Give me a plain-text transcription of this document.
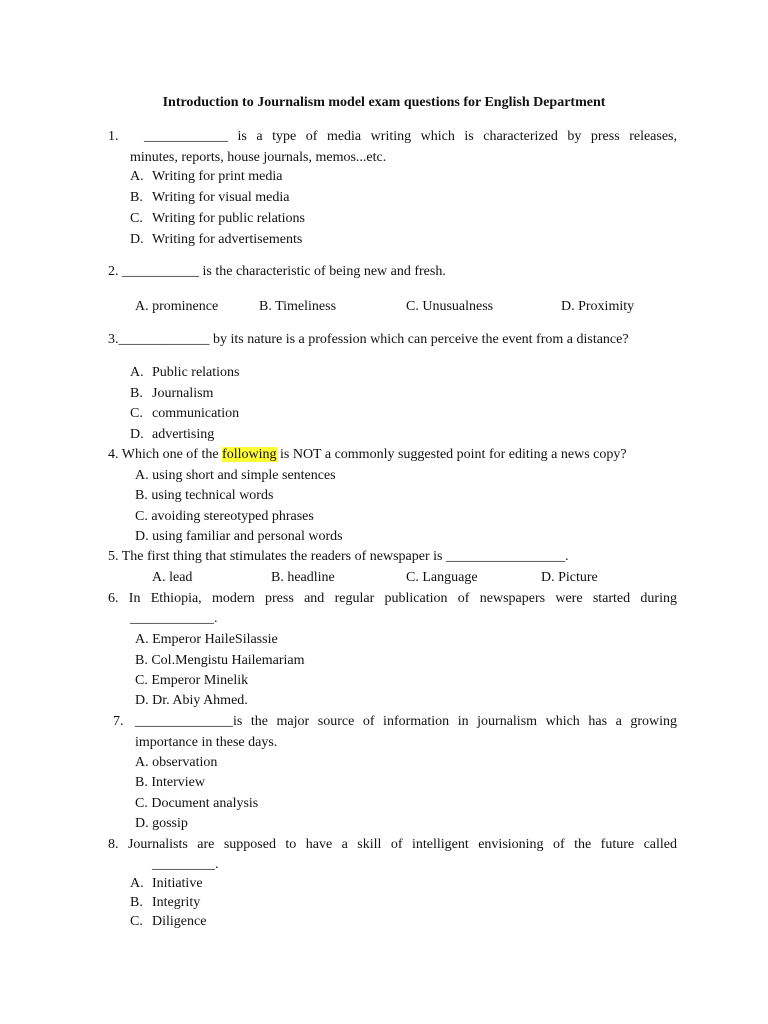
Introduction to Journalism model exam questions for English Department
1. ____________ is a type of media writing which is characterized by press releases,
minutes, reports, house journals, memos...etc.
A. Writing for print media
B. Writing for visual media
C. Writing for public relations
D. Writing for advertisements
2. ___________ is the characteristic of being new and fresh.
A. prominence	B. Timeliness	C. Unusualness	D. Proximity
3._____________ by its nature is a profession which can perceive the event from a distance?
A. Public relations
B. Journalism
C. communication
D. advertising
4. Which one of the following is NOT a commonly suggested point for editing a news copy?
A. using short and simple sentences
B. using technical words
C. avoiding stereotyped phrases
D. using familiar and personal words
5. The first thing that stimulates the readers of newspaper is _________________.
A. lead	B. headline	C. Language	D. Picture
6. In Ethiopia, modern press and regular publication of newspapers were started during
____________.
A. Emperor HaileSilassie
B. Col.Mengistu Hailemariam
C. Emperor Minelik
D. Dr. Abiy Ahmed.
7. ______________is the major source of information in journalism which has a growing
importance in these days.
A. observation
B. Interview
C. Document analysis
D. gossip
8. Journalists are supposed to have a skill of intelligent envisioning of the future called
_________.
A. Initiative
B. Integrity
C. Diligence
